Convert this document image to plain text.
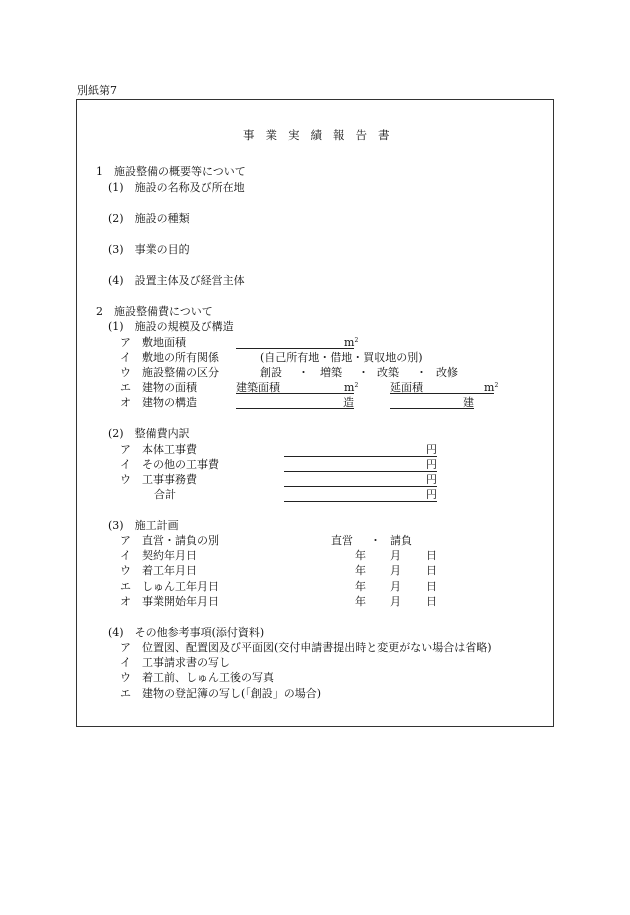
別紙第7
事業実績報告書
1　施設整備の概要等について
(1)　施設の名称及び所在地
(2)　施設の種類
(3)　事業の目的
(4)　設置主体及び経営主体
2　施設整備費について
(1)　施設の規模及び構造
ア　敷地面積	$m^2$
イ　敷地の所有関係	(自己所有地・借地・買収地の別)
ウ　施設整備の区分	創設 ・ 増築 ・ 改築 ・ 改修
エ　建物の面積	建築面積	$m^2$	延面積	$m^2$
オ　建物の構造	造	建
(2)　整備費内訳
ア　本体工事費	円
イ　その他の工事費	円
ウ　工事事務費	円
合計	円
(3)　施工計画
ア　直営・請負の別	直営 ・ 請負
イ　契約年月日	年 月 日
ウ　着工年月日	年 月 日
エ　しゅん工年月日	年 月 日
オ　事業開始年月日	年 月 日
(4)　その他参考事項(添付資料)
ア　位置図、配置図及び平面図(交付申請書提出時と変更がない場合は省略)
イ　工事請求書の写し
ウ　着工前、しゅん工後の写真
エ　建物の登記簿の写し(「創設」の場合)
